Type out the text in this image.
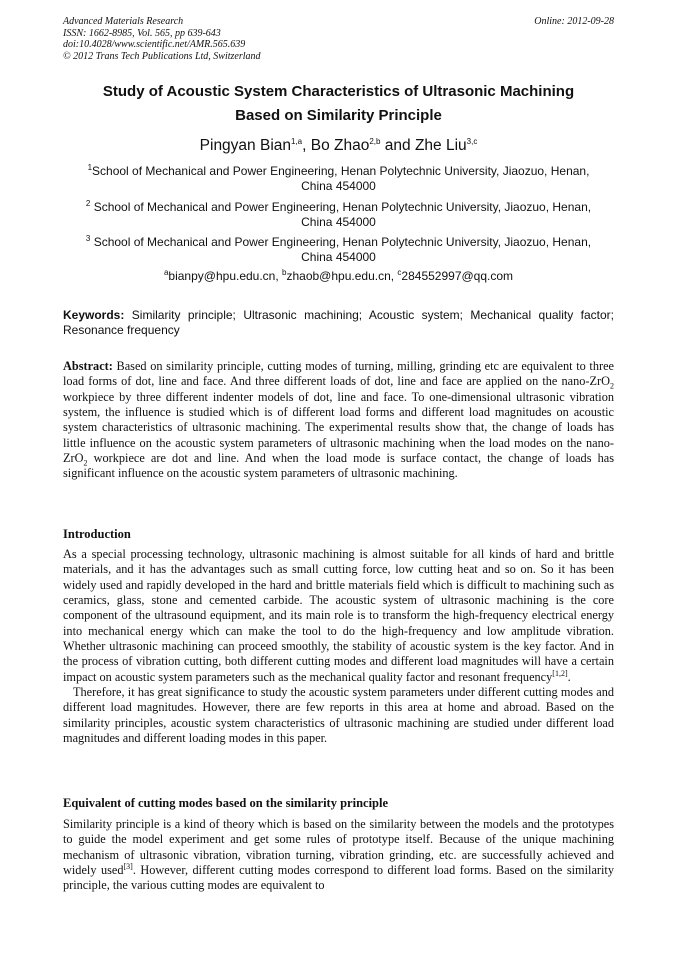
Advanced Materials Research
ISSN: 1662-8985, Vol. 565, pp 639-643
doi:10.4028/www.scientific.net/AMR.565.639
© 2012 Trans Tech Publications Ltd, Switzerland
Online: 2012-09-28
Study of Acoustic System Characteristics of Ultrasonic Machining
Based on Similarity Principle
Pingyan Bian$^{1,a}$, Bo Zhao$^{2,b}$ and Zhe Liu$^{3,c}$
$^1$School of Mechanical and Power Engineering, Henan Polytechnic University, Jiaozuo, Henan,
China 454000
$^2$ School of Mechanical and Power Engineering, Henan Polytechnic University, Jiaozuo, Henan,
China 454000
$^3$ School of Mechanical and Power Engineering, Henan Polytechnic University, Jiaozuo, Henan,
China 454000
$^a$bianpy@hpu.edu.cn, $^b$zhaob@hpu.edu.cn, $^c$284552997@qq.com
Keywords: Similarity principle; Ultrasonic machining; Acoustic system; Mechanical quality factor; Resonance frequency

Abstract: Based on similarity principle, cutting modes of turning, milling, grinding etc are equivalent to three load forms of dot, line and face. And three different loads of dot, line and face are applied on the nano-ZrO$_2$ workpiece by three different indenter models of dot, line and face. To one-dimensional ultrasonic vibration system, the influence is studied which is of different load forms and different load magnitudes on acoustic system characteristics of ultrasonic machining. The experimental results show that, the change of loads has little influence on the acoustic system parameters of ultrasonic machining when the load modes on the nano-ZrO$_2$ workpiece are dot and line. And when the load mode is surface contact, the change of loads has significant influence on the acoustic system parameters of ultrasonic machining.

Introduction

As a special processing technology, ultrasonic machining is almost suitable for all kinds of hard and brittle materials, and it has the advantages such as small cutting force, low cutting heat and so on. So it has been widely used and rapidly developed in the hard and brittle materials field which is difficult to machining such as ceramics, glass, stone and cemented carbide. The acoustic system of ultrasonic machining is the core component of the ultrasound equipment, and its main role is to transform the high-frequency electrical energy into mechanical energy which can make the tool to do the high-frequency and low amplitude vibration. Whether ultrasonic machining can proceed smoothly, the stability of acoustic system is the key factor. And in the process of vibration cutting, both different cutting modes and different load magnitudes will have a certain impact on acoustic system parameters such as the mechanical quality factor and resonant frequency[1,2].

Therefore, it has great significance to study the acoustic system parameters under different cutting modes and different load magnitudes. However, there are few reports in this area at home and abroad. Based on the similarity principles, acoustic system characteristics of ultrasonic machining are studied under different load magnitudes and different loading modes in this paper.

Equivalent of cutting modes based on the similarity principle

Similarity principle is a kind of theory which is based on the similarity between the models and the prototypes to guide the model experiment and get some rules of prototype itself. Because of the unique machining mechanism of ultrasonic vibration, vibration turning, vibration grinding, etc. are successfully achieved and widely used[3]. However, different cutting modes correspond to different load forms. Based on the similarity principle, the various cutting modes are equivalent to
